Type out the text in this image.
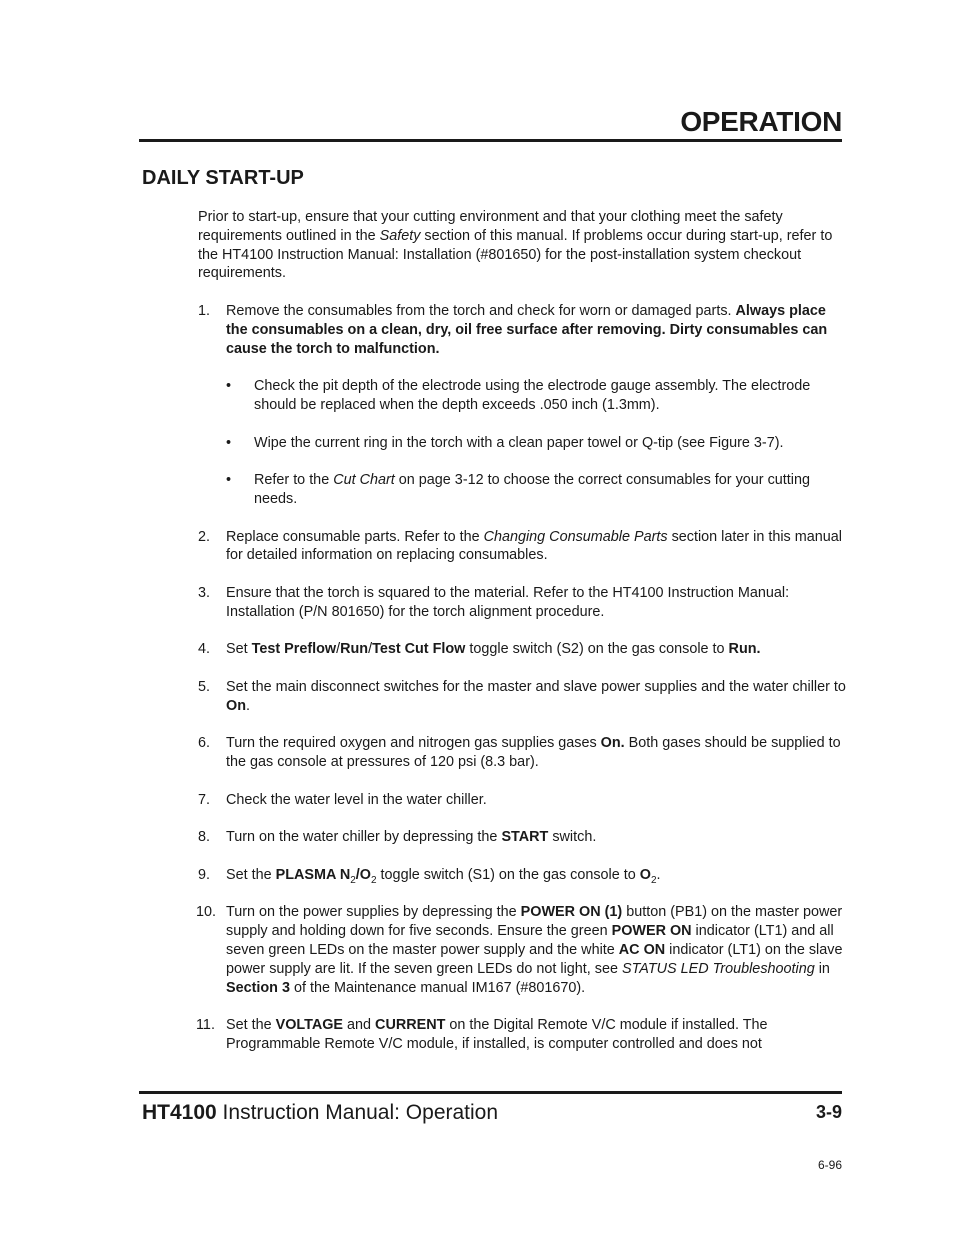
OPERATION
DAILY START-UP

Prior to start-up, ensure that your cutting environment and that your clothing meet the safety requirements outlined in the Safety section of this manual. If problems occur during start-up, refer to the HT4100 Instruction Manual: Installation (#801650) for the post-installation system checkout requirements.

1. Remove the consumables from the torch and check for worn or damaged parts. Always place the consumables on a clean, dry, oil free surface after removing. Dirty consumables can cause the torch to malfunction.
• Check the pit depth of the electrode using the electrode gauge assembly. The electrode should be replaced when the depth exceeds .050 inch (1.3mm).
• Wipe the current ring in the torch with a clean paper towel or Q-tip (see Figure 3-7).
• Refer to the Cut Chart on page 3-12 to choose the correct consumables for your cutting needs.
2. Replace consumable parts. Refer to the Changing Consumable Parts section later in this manual for detailed information on replacing consumables.
3. Ensure that the torch is squared to the material. Refer to the HT4100 Instruction Manual: Installation (P/N 801650) for the torch alignment procedure.
4. Set Test Preflow/Run/Test Cut Flow toggle switch (S2) on the gas console to Run.
5. Set the main disconnect switches for the master and slave power supplies and the water chiller to On.
6. Turn the required oxygen and nitrogen gas supplies gases On. Both gases should be supplied to the gas console at pressures of 120 psi (8.3 bar).
7. Check the water level in the water chiller.
8. Turn on the water chiller by depressing the START switch.
9. Set the PLASMA $N_2/O_2$ toggle switch (S1) on the gas console to $O_2$.
10. Turn on the power supplies by depressing the POWER ON (1) button (PB1) on the master power supply and holding down for five seconds. Ensure the green POWER ON indicator (LT1) and all seven green LEDs on the master power supply and the white AC ON indicator (LT1) on the slave power supply are lit. If the seven green LEDs do not light, see STATUS LED Troubleshooting in Section 3 of the Maintenance manual IM167 (#801670).
11. Set the VOLTAGE and CURRENT on the Digital Remote V/C module if installed. The Programmable Remote V/C module, if installed, is computer controlled and does not
HT4100 Instruction Manual: Operation	3-9
6-96
